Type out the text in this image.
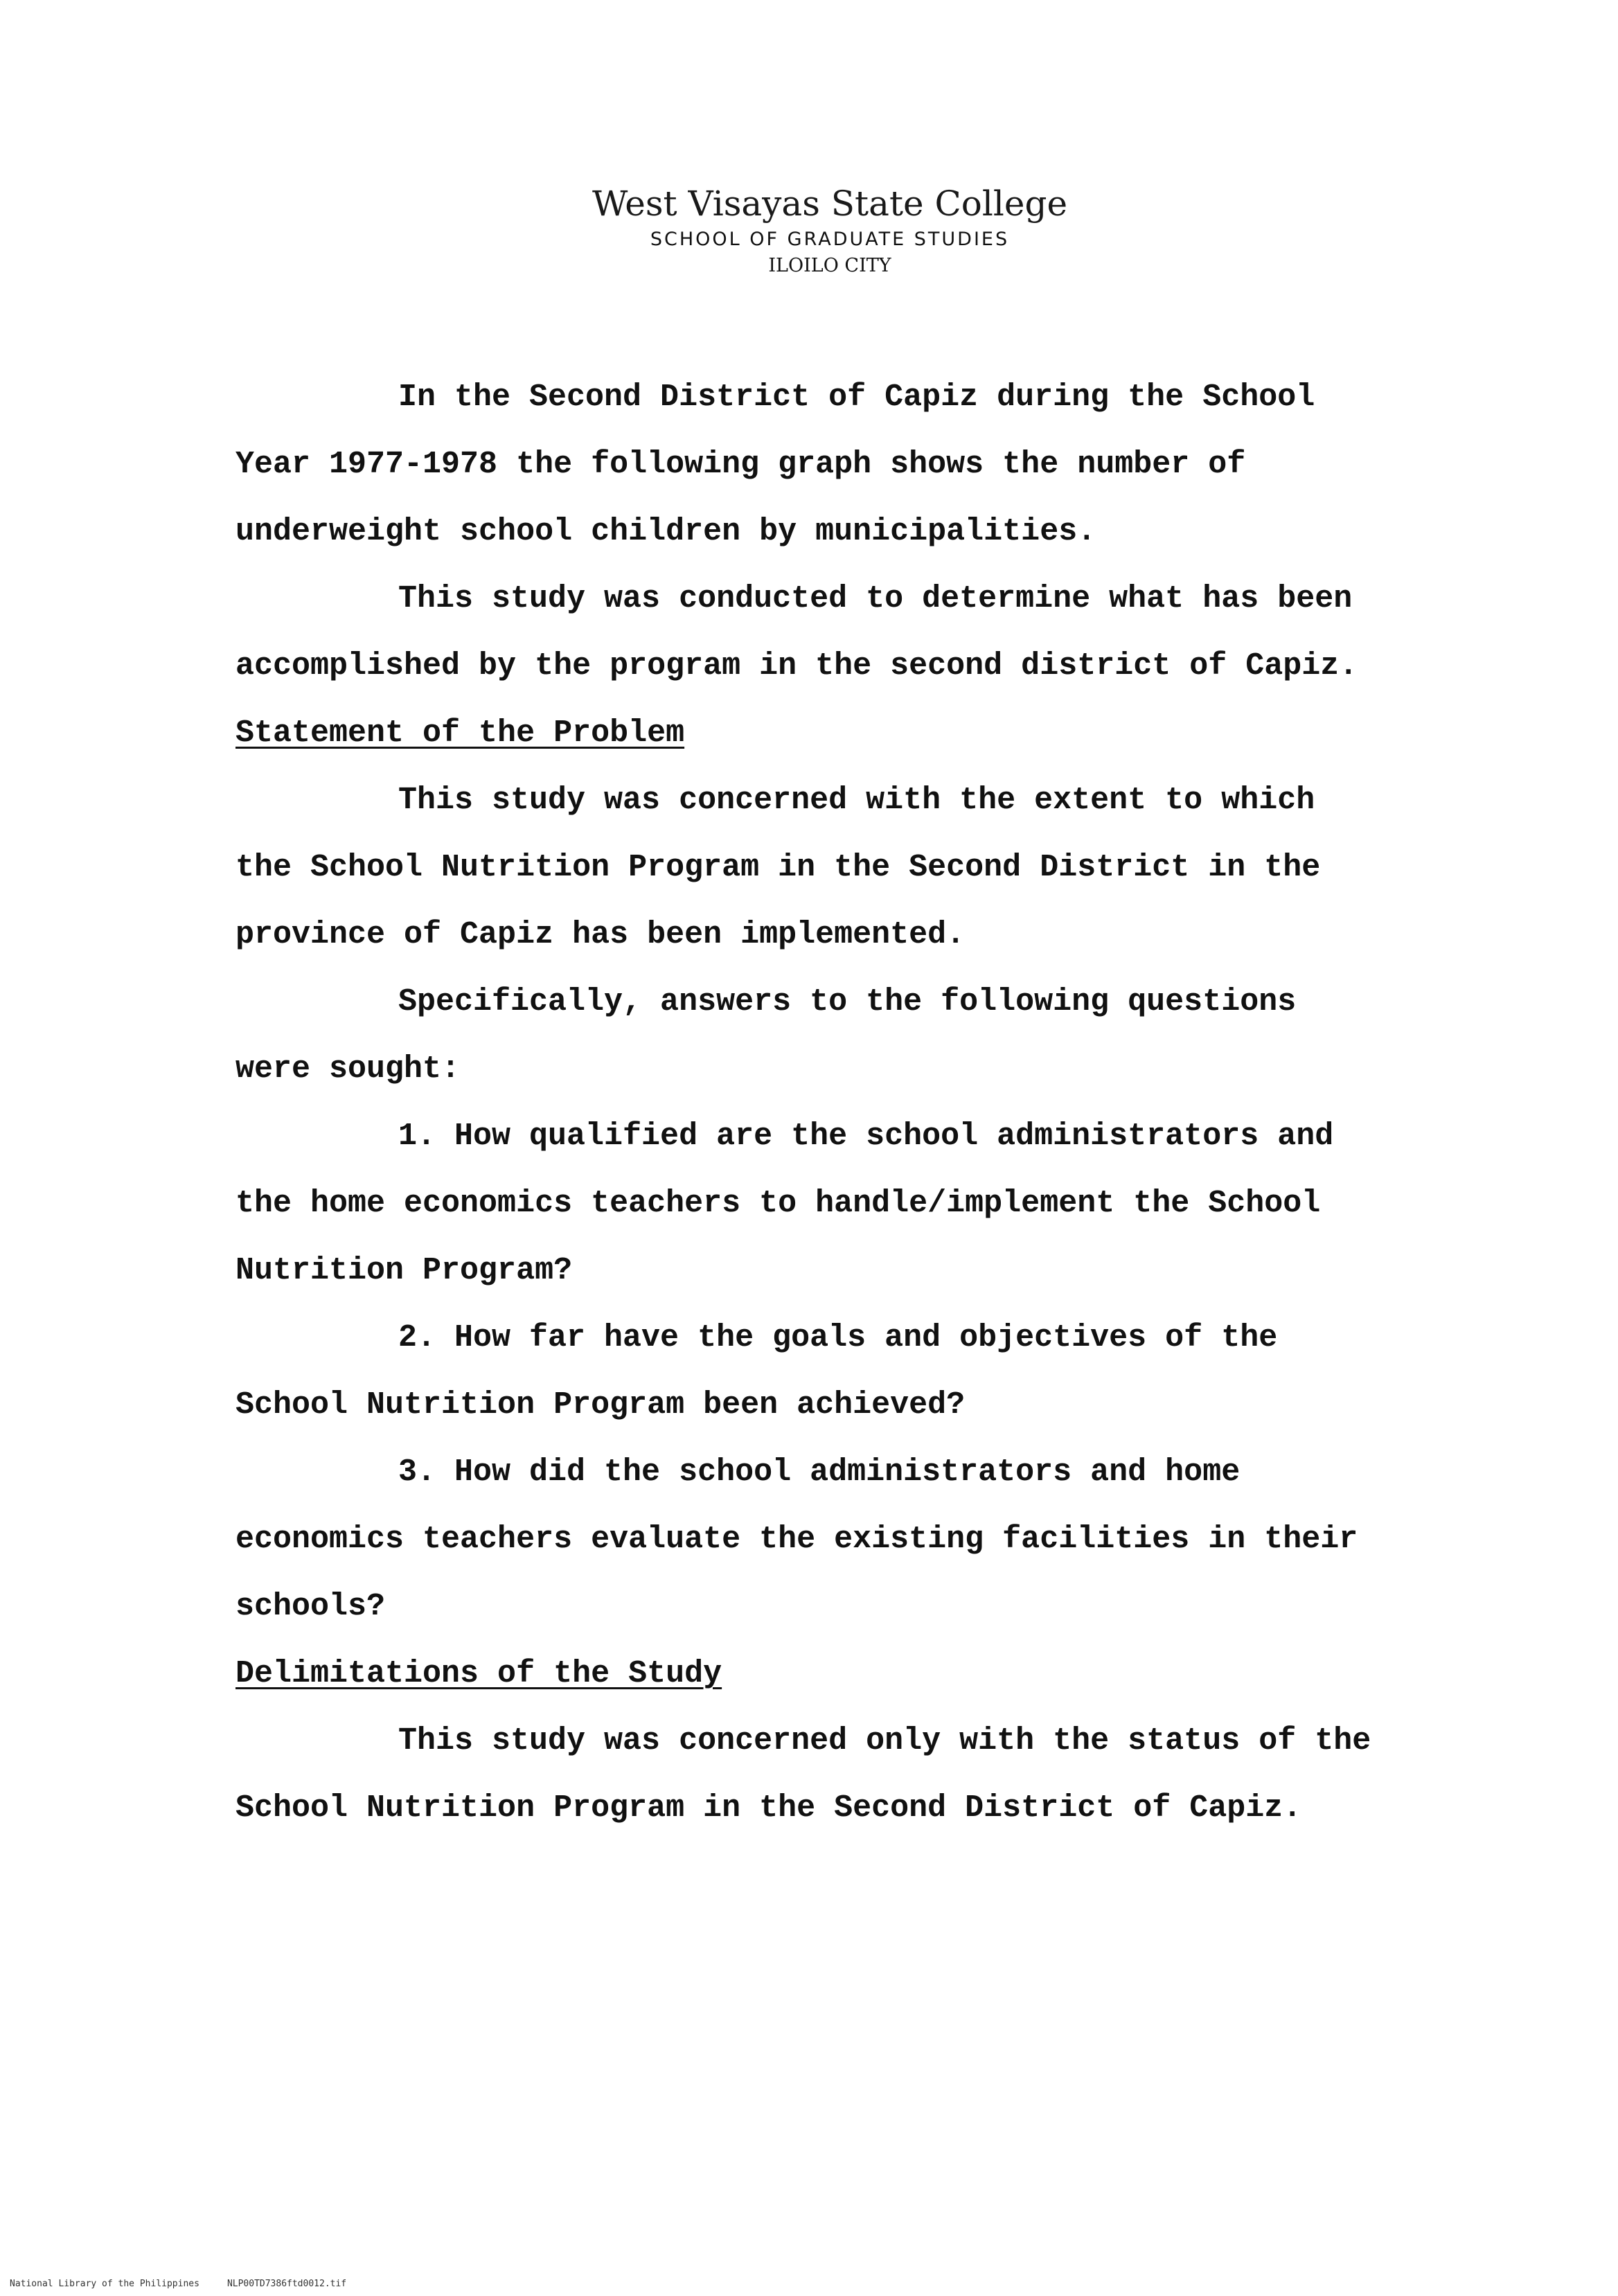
West Visayas State College
SCHOOL OF GRADUATE STUDIES
ILOILO CITY

In the Second District of Capiz during the School Year 1977-1978 the following graph shows the number of underweight school children by municipalities.

This study was conducted to determine what has been accomplished by the program in the second district of Capiz.

Statement of the Problem

This study was concerned with the extent to which the School Nutrition Program in the Second District in the province of Capiz has been implemented.

Specifically, answers to the following questions were sought:

1. How qualified are the school administrators and the home economics teachers to handle/implement the School Nutrition Program?

2. How far have the goals and objectives of the School Nutrition Program been achieved?

3. How did the school administrators and home economics teachers evaluate the existing facilities in their schools?

Delimitations of the Study

This study was concerned only with the status of the School Nutrition Program in the Second District of Capiz.

National Library of the Philippines	NLP00TD7386ftd0012.tif
